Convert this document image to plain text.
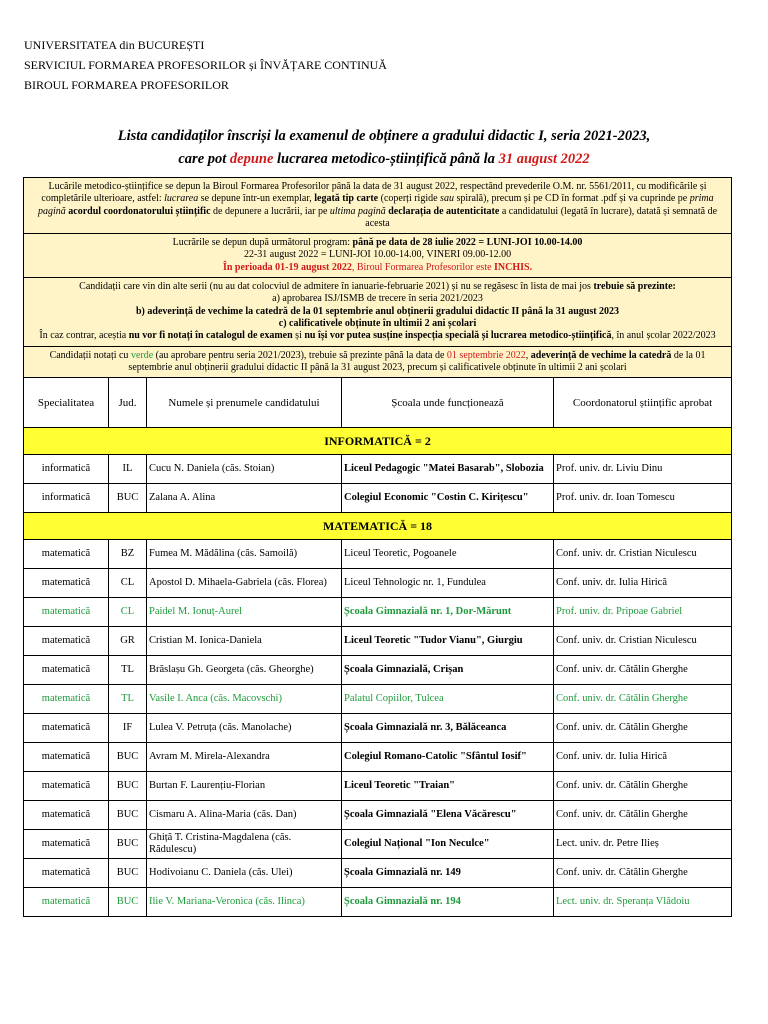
UNIVERSITATEA din BUCUREȘTI
SERVICIUL FORMAREA PROFESORILOR și ÎNVĂȚARE CONTINUĂ
BIROUL FORMAREA PROFESORILOR
Lista candidaților înscriși la examenul de obținere a gradului didactic I, seria 2021-2023,
care pot depune lucrarea metodico-științifică până la 31 august 2022
Lucările metodico-științifice se depun la Biroul Formarea Profesorilor până la data de 31 august 2022, respectând prevederile O.M. nr. 5561/2011, cu modificările și completările ulterioare, astfel: lucrarea se depune într-un exemplar, legată tip carte (coperți rigide sau spirală), precum și pe CD în format .pdf și va cuprinde pe prima pagină acordul coordonatorului științific de depunere a lucrării, iar pe ultima pagină declarația de autenticitate a candidatului (legată în lucrare), datată și semnată de acesta				
Lucrările se depun după următorul program: până pe data de 28 iulie 2022 = LUNI-JOI 10.00-14.00
22-31 august 2022 = LUNI-JOI 10.00-14.00, VINERI 09.00-12.00
În perioada 01-19 august 2022, Biroul Formarea Profesorilor este INCHIS.				
Candidații care vin din alte serii (nu au dat colocviul de admitere în ianuarie-februarie 2021) și nu se regăsesc în lista de mai jos trebuie să prezinte:
a) aprobarea ISJ/ISMB de trecere în seria 2021/2023
b) adeverință de vechime la catedră de la 01 septembrie anul obținerii gradului didactic II până la 31 august 2023
c) calificativele obținute în ultimii 2 ani școlari
În caz contrar, aceștia nu vor fi notați în catalogul de examen și nu își vor putea susține inspecția specială și lucrarea metodico-științifică, în anul școlar 2022/2023				
Candidații notați cu verde (au aprobare pentru seria 2021/2023), trebuie să prezinte până la data de 01 septembrie 2022, adeverință de vechime la catedră de la 01 septembrie anul obținerii gradului didactic II până la 31 august 2023, precum și calificativele obținute în ultimii 2 ani școlari				
Specialitatea	Jud.	Numele și prenumele candidatului	Școala unde funcționează	Coordonatorul științific aprobat
INFORMATICĂ = 2				
informatică	IL	Cucu N. Daniela (căs. Stoian)	Liceul Pedagogic "Matei Basarab", Slobozia	Prof. univ. dr. Liviu Dinu
informatică	BUC	Zalana A. Alina	Colegiul Economic "Costin C. Kirițescu"	Prof. univ. dr. Ioan Tomescu
MATEMATICĂ = 18				
matematică	BZ	Fumea M. Mădălina (căs. Samoilă)	Liceul Teoretic, Pogoanele	Conf. univ. dr. Cristian Niculescu
matematică	CL	Apostol D. Mihaela-Gabriela (căs. Florea)	Liceul Tehnologic nr. 1, Fundulea	Conf. univ. dr. Iulia Hirică
matematică	CL	Paidel M. Ionuț-Aurel	Școala Gimnazială nr. 1, Dor-Mărunt	Prof. univ. dr. Pripoae Gabriel
matematică	GR	Cristian M. Ionica-Daniela	Liceul Teoretic "Tudor Vianu", Giurgiu	Conf. univ. dr. Cristian Niculescu
matematică	TL	Brăslașu Gh. Georgeta (căs. Gheorghe)	Școala Gimnazială, Crișan	Conf. univ. dr. Cătălin Gherghe
matematică	TL	Vasile I. Anca (căs. Macovschi)	Palatul Copiilor, Tulcea	Conf. univ. dr. Cătălin Gherghe
matematică	IF	Lulea V. Petruța (căs. Manolache)	Școala Gimnazială nr. 3, Bălăceanca	Conf. univ. dr. Cătălin Gherghe
matematică	BUC	Avram M. Mirela-Alexandra	Colegiul Romano-Catolic "Sfântul Iosif"	Conf. univ. dr. Iulia Hirică
matematică	BUC	Burtan F. Laurențiu-Florian	Liceul Teoretic "Traian"	Conf. univ. dr. Cătălin Gherghe
matematică	BUC	Cismaru A. Alina-Maria (căs. Dan)	Școala Gimnazială "Elena Văcărescu"	Conf. univ. dr. Cătălin Gherghe
matematică	BUC	Ghiță T. Cristina-Magdalena (căs. Rădulescu)	Colegiul Național "Ion Neculce"	Lect. univ. dr. Petre Ilieș
matematică	BUC	Hodivoianu C. Daniela (căs. Ulei)	Școala Gimnazială nr. 149	Conf. univ. dr. Cătălin Gherghe
matematică	BUC	Ilie V. Mariana-Veronica (căs. Ilinca)	Școala Gimnazială nr. 194	Lect. univ. dr. Speranța Vlădoiu
